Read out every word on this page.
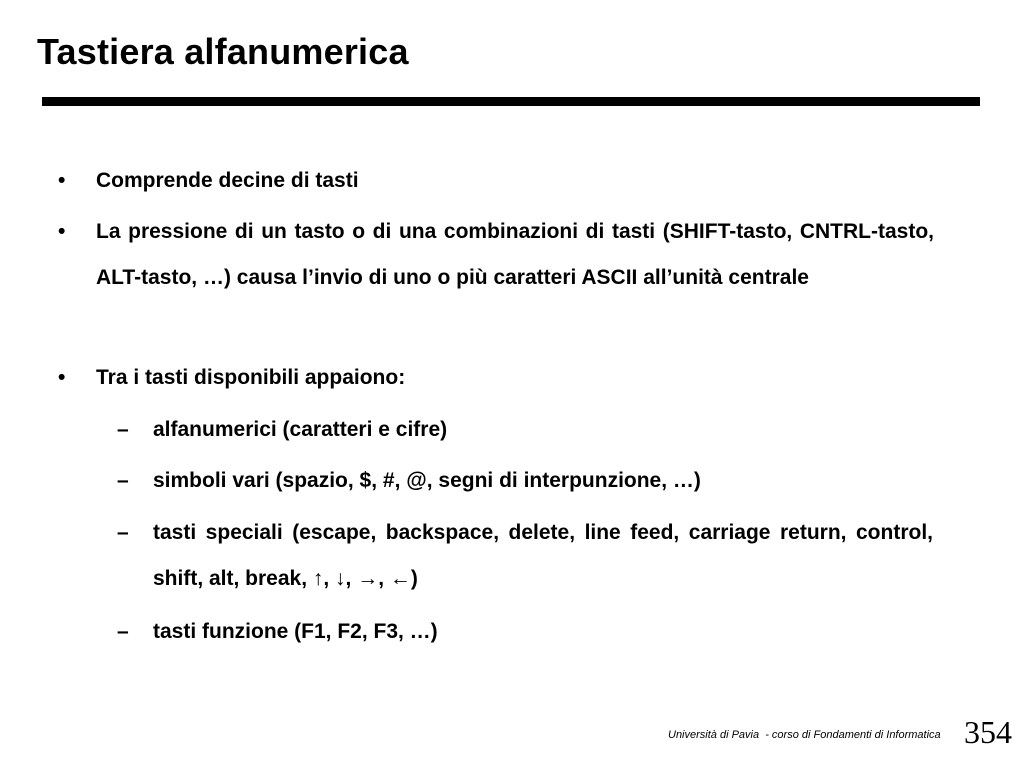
Tastiera alfanumerica
•	Comprende decine di tasti
•	La pressione di un tasto o di una combinazioni di tasti (SHIFT-tasto, CNTRL-tasto, ALT-tasto, …) causa l’invio di uno o più caratteri ASCII all’unità centrale
•	Tra i tasti disponibili appaiono:
–	alfanumerici (caratteri e cifre)
–	simboli vari (spazio, $, #, @, segni di interpunzione, …)
–	tasti speciali (escape, backspace, delete, line feed, carriage return, control, shift, alt, break, ↑, ↓, →, ←)
–	tasti funzione (F1, F2, F3, …)
Università di Pavia  - corso di Fondamenti di Informatica 354
